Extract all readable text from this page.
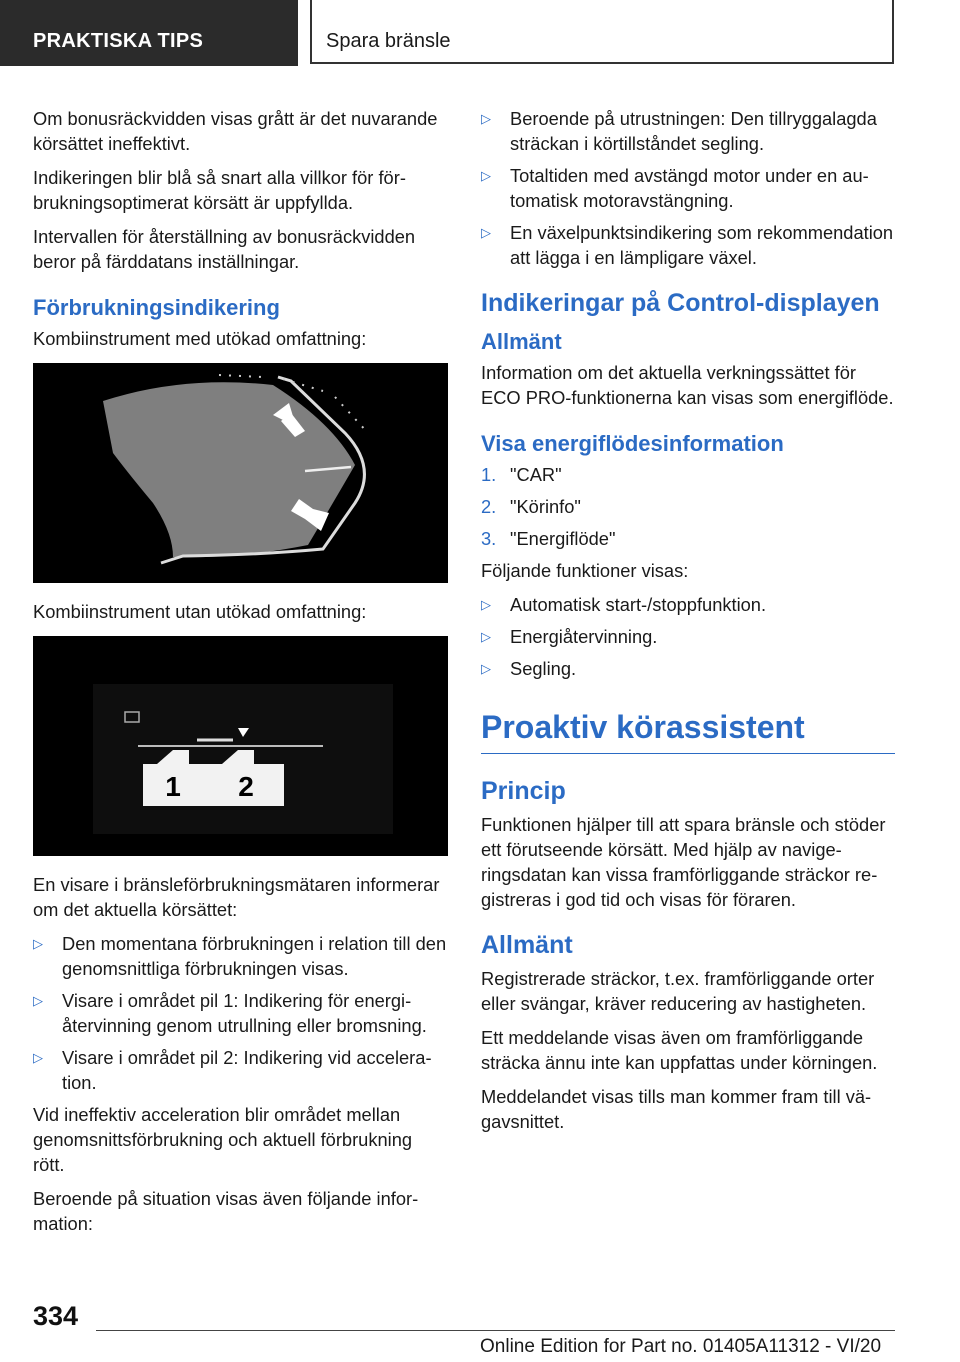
PRAKTISKA TIPS	Spara bränsle

Om bonusräckvidden visas grått är det nuvarande körsättet ineffektivt.

Indikeringen blir blå så snart alla villkor för förbrukningsoptimerat körsätt är uppfyllda.

Intervallen för återställning av bonusräckvidden beror på färddatans inställningar.

Förbrukningsindikering

Kombiinstrument med utökad omfattning:

Kombiinstrument utan utökad omfattning:

1 2

En visare i bränsleförbrukningsmätaren informerar om det aktuella körsättet:

▷ Den momentana förbrukningen i relation till den genomsnittliga förbrukningen visas.
▷ Visare i området pil 1: Indikering för energiåtervinning genom utrullning eller bromsning.
▷ Visare i området pil 2: Indikering vid acceleration.

Vid ineffektiv acceleration blir området mellan genomsnittsförbrukning och aktuell förbrukning rött.

Beroende på situation visas även följande information:

▷ Beroende på utrustningen: Den tillryggalagda sträckan i körtillståndet segling.
▷ Totaltiden med avstängd motor under en automatisk motoravstängning.
▷ En växelpunktsindikering som rekommendation att lägga i en lämpligare växel.
Indikeringar på Control-displayen
Allmänt

Information om det aktuella verkningssättet för ECO PRO-funktionerna kan visas som energiflöde.

Visa energiflödesinformation
1. "CAR"
2. "Körinfo"
3. "Energiflöde"

Följande funktioner visas:

▷ Automatisk start-/stoppfunktion.
▷ Energiåtervinning.
▷ Segling.
Proaktiv körassistent
Princip

Funktionen hjälper till att spara bränsle och stöder ett förutseende körsätt. Med hjälp av navigeringsdatan kan vissa framförliggande sträckor registreras i god tid och visas för föraren.

Allmänt

Registrerade sträckor, t.ex. framförliggande orter eller svängar, kräver reducering av hastigheten.

Ett meddelande visas även om framförliggande sträcka ännu inte kan uppfattas under körningen.

Meddelandet visas tills man kommer fram till vägavsnittet.

334
Online Edition for Part no. 01405A11312 - VI/20
